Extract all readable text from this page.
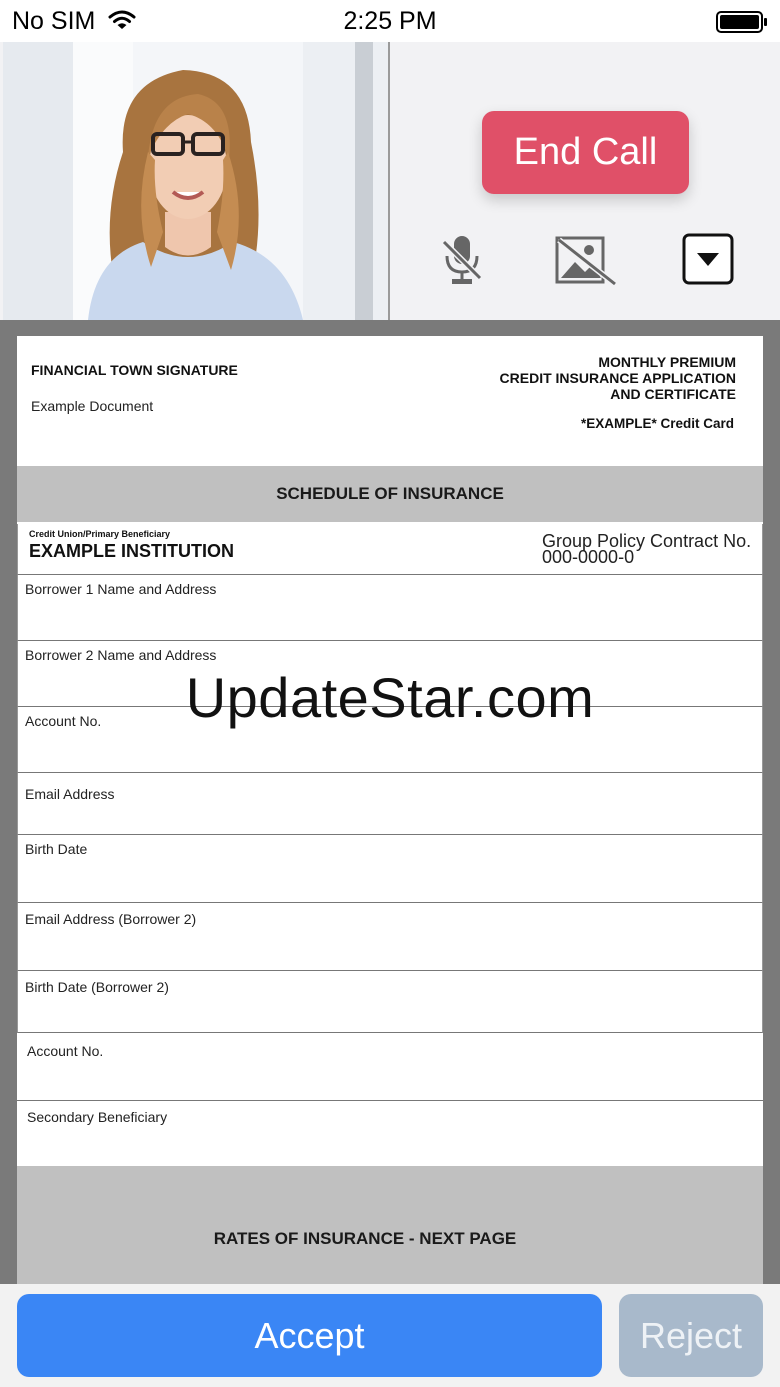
No SIM	2:25 PM
End Call
FINANCIAL TOWN SIGNATURE
Example Document
MONTHLY PREMIUM
CREDIT INSURANCE APPLICATION
AND CERTIFICATE
*EXAMPLE* Credit Card
SCHEDULE OF INSURANCE
Credit Union/Primary Beneficiary
EXAMPLE INSTITUTION	Group Policy Contract No.
000-0000-0
Borrower 1 Name and Address
Borrower 2 Name and Address
Account No.
Email Address
Birth Date
Email Address (Borrower 2)
Birth Date (Borrower 2)
Account No.
Secondary Beneficiary
RATES OF INSURANCE - NEXT PAGE
UpdateStar.com
Accept	Reject
